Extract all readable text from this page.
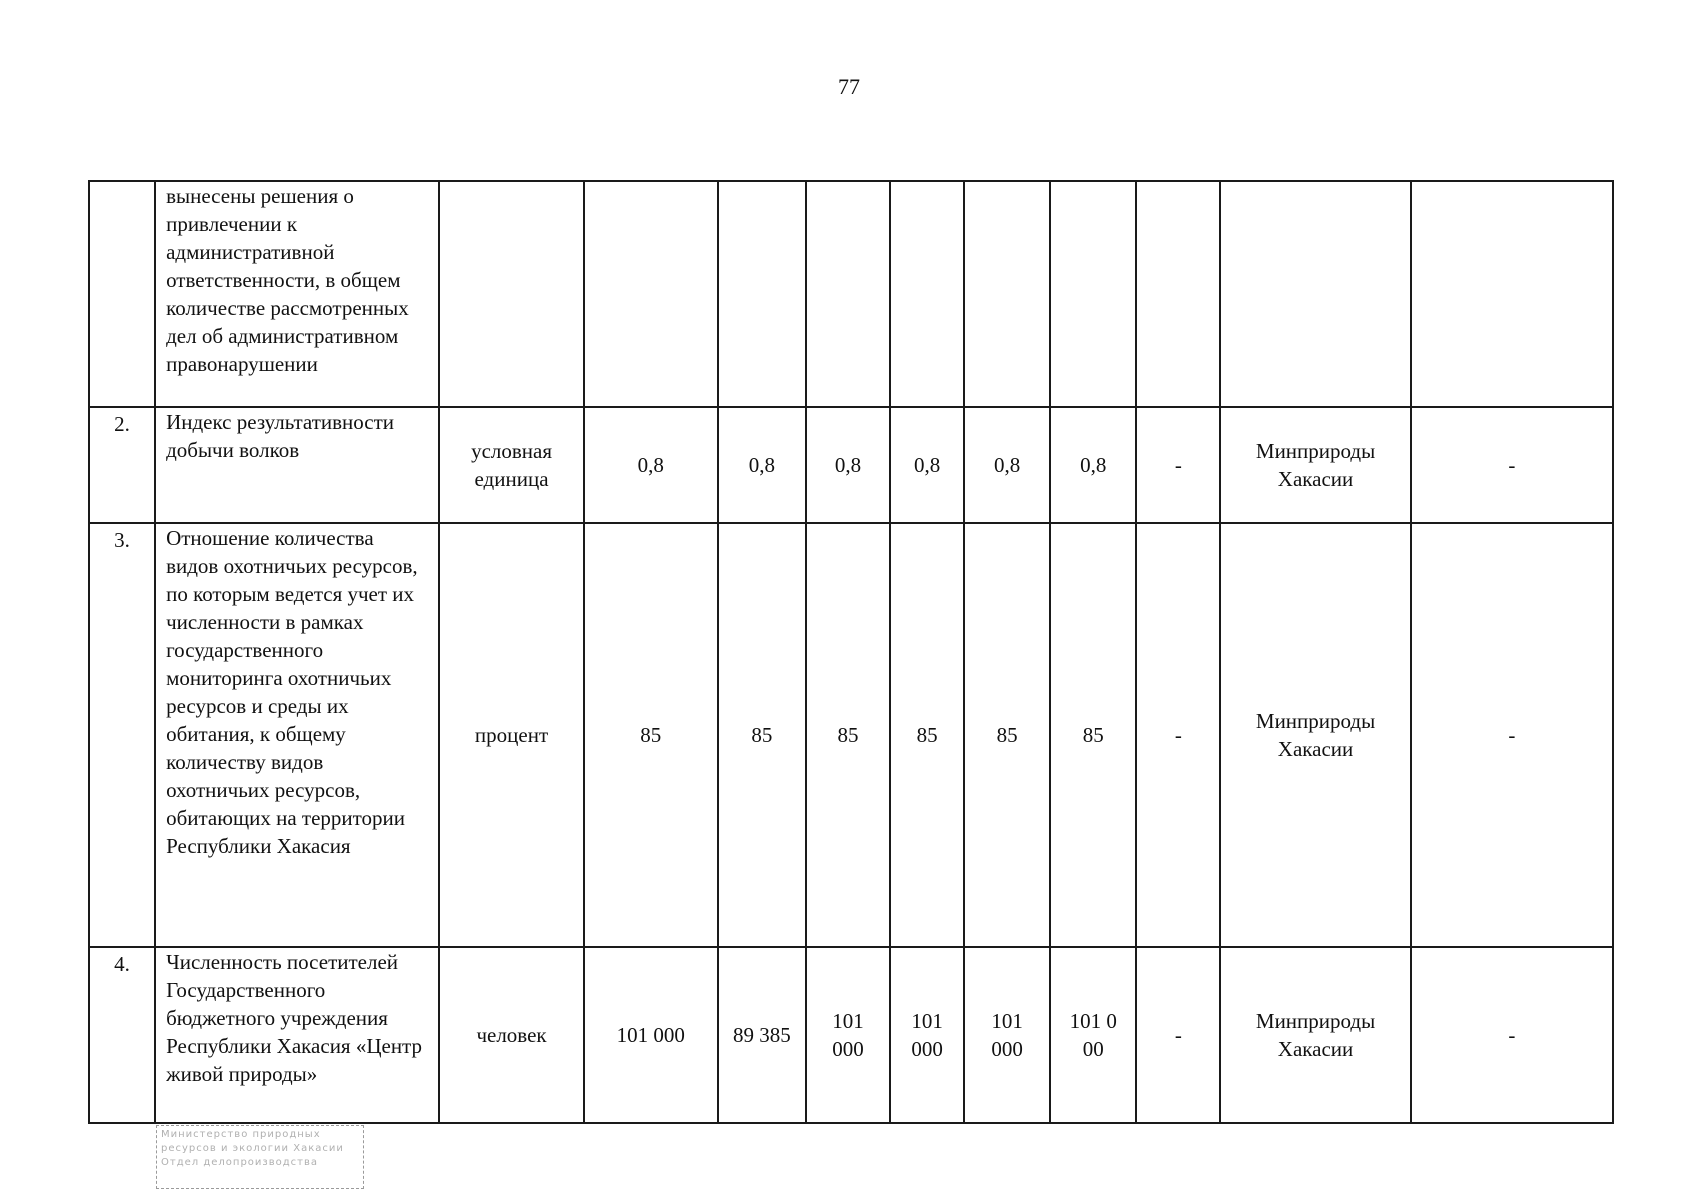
77
	вынесены решения о привлечении к административной ответственности, в общем количестве рассмотренных дел об административном правонарушении										
2.	Индекс результативности добычи волков	условная единица	0,8	0,8	0,8	0,8	0,8	0,8	-	Минприроды Хакасии	-
3.	Отношение количества видов охотничьих ресурсов, по которым ведется учет их численности в рамках государственного мониторинга охотничьих ресурсов и среды их обитания, к общему количеству видов охотничьих ресурсов, обитающих на территории Республики Хакасия	процент	85	85	85	85	85	85	-	Минприроды Хакасии	-
4.	Численность посетителей Государственного бюджетного учреждения Республики Хакасия «Центр живой природы»	человек	101 000	89 385	101 000	101 000	101 000	101 0 00	-	Минприроды Хакасии	-
Министерство природных
ресурсов и экологии Хакасии
Отдел делопроизводства
